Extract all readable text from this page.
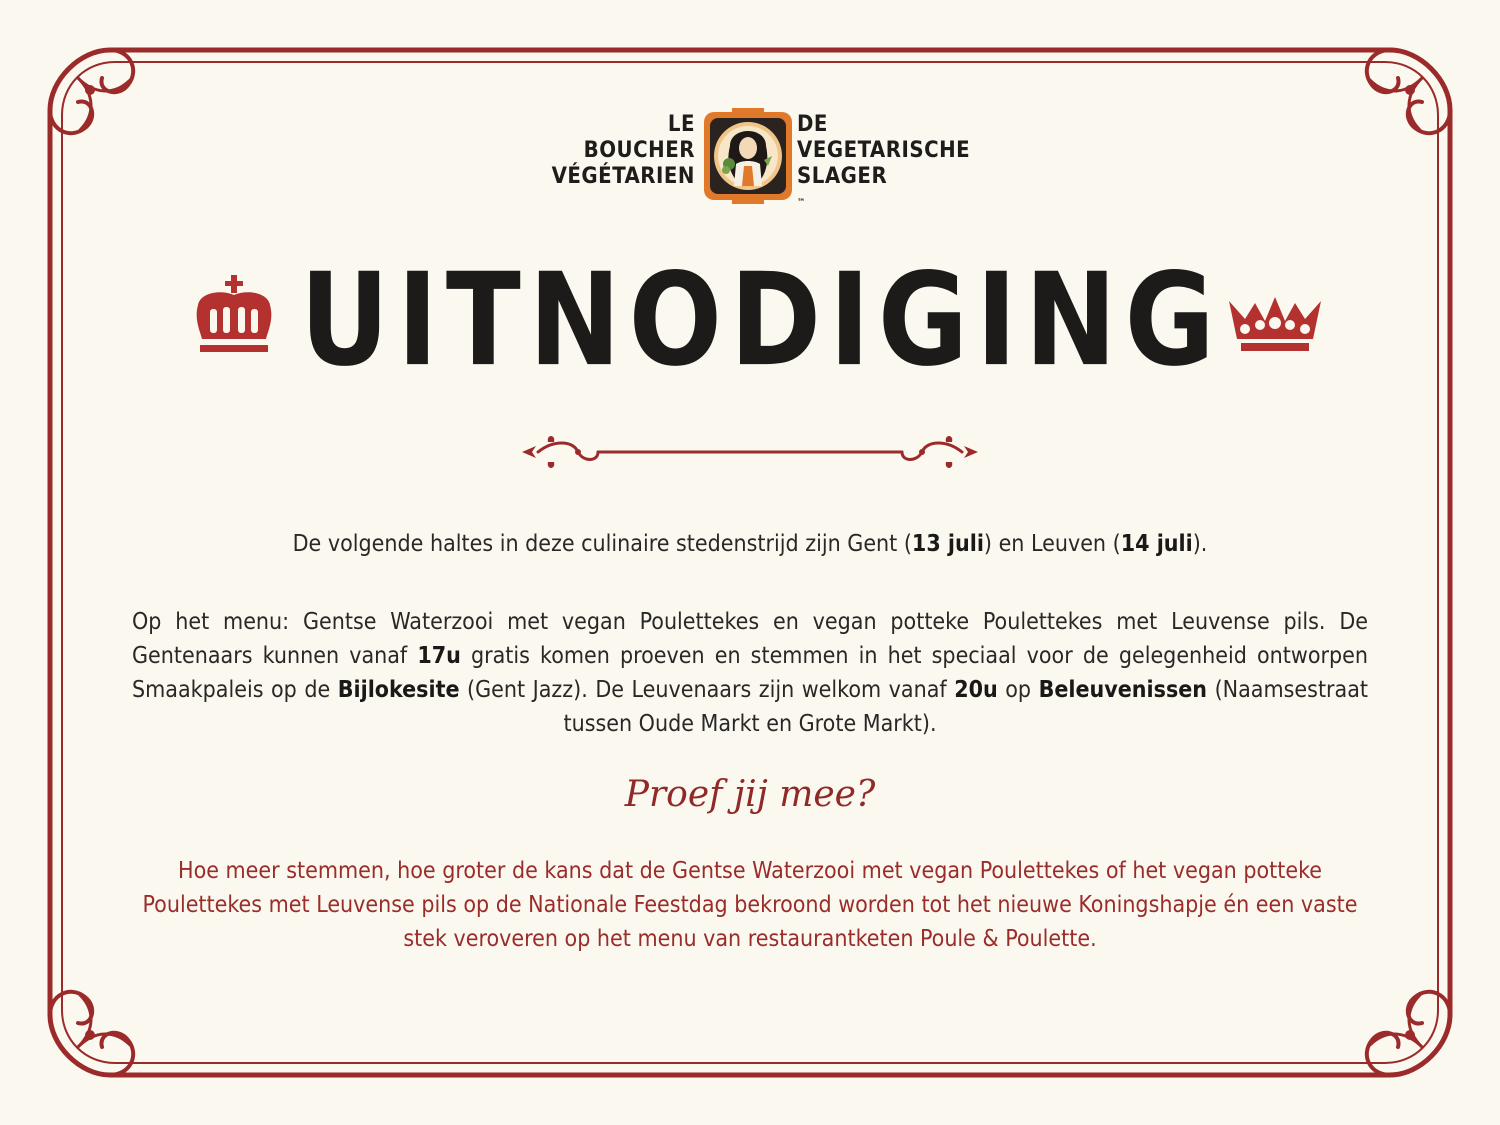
LE
BOUCHER
VÉGÉTARIEN
DE
VEGETARISCHE
SLAGER
™
UITNODIGING
De volgende haltes in deze culinaire stedenstrijd zijn Gent (13 juli) en Leuven (14 juli).
Op het menu: Gentse Waterzooi met vegan Poulettekes en vegan potteke Poulettekes met Leuvense pils. De Gentenaars kunnen vanaf 17u gratis komen proeven en stemmen in het speciaal voor de gelegenheid ontworpen Smaakpaleis op de Bijlokesite (Gent Jazz). De Leuvenaars zijn welkom vanaf 20u op Beleuvenissen (Naamsestraat tussen Oude Markt en Grote Markt).
Proef jij mee?
Hoe meer stemmen, hoe groter de kans dat de Gentse Waterzooi met vegan Poulettekes of het vegan potteke Poulettekes met Leuvense pils op de Nationale Feestdag bekroond worden tot het nieuwe Koningshapje én een vaste stek veroveren op het menu van restaurantketen Poule & Poulette.
